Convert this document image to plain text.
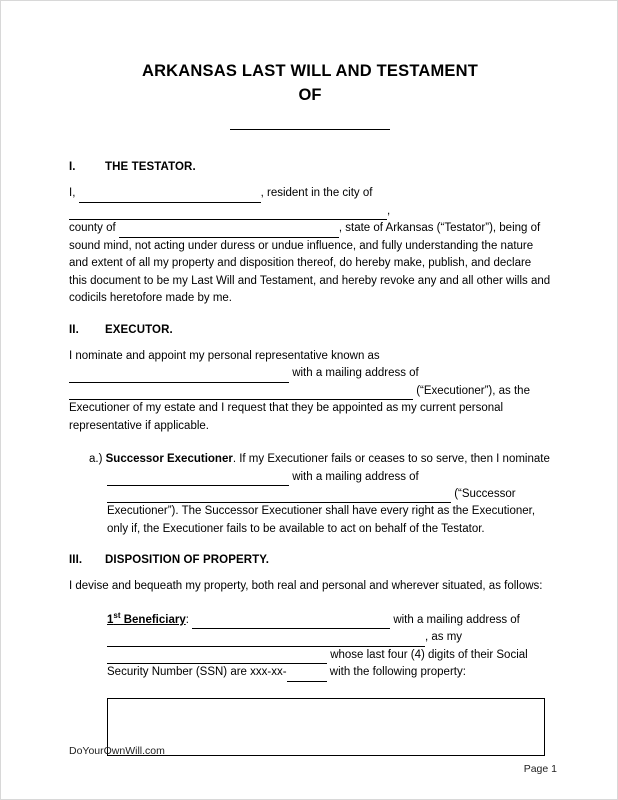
ARKANSAS LAST WILL AND TESTAMENT
OF
I.	THE TESTATOR.

I,	, resident in the city of ,
county of	, state of Arkansas (“Testator”), being of sound mind, not acting under duress or undue influence, and fully understanding the nature and extent of all my property and disposition thereof, do hereby make, publish, and declare this document to be my Last Will and Testament, and hereby revoke any and all other wills and codicils heretofore made by me.

II. EXECUTOR.

I nominate and appoint my personal representative known as
with a mailing address of
(“Executioner”), as the Executioner of my estate and I request that they be appointed as my current personal representative if applicable.

a.) Successor Executioner. If my Executioner fails or ceases to so serve, then I nominate
with a mailing address of
(“Successor Executioner”). The Successor Executioner shall have every right as the Executioner, only if, the Executioner fails to be available to act on behalf of the Testator.

III. DISPOSITION OF PROPERTY.

I devise and bequeath my property, both real and personal and wherever situated, as follows:

1st Beneficiary:	with a mailing address of
, as my
whose last four (4) digits of their Social Security Number (SSN) are xxx-xx-	with the following property:

DoYourOwnWill.com
Page 1
